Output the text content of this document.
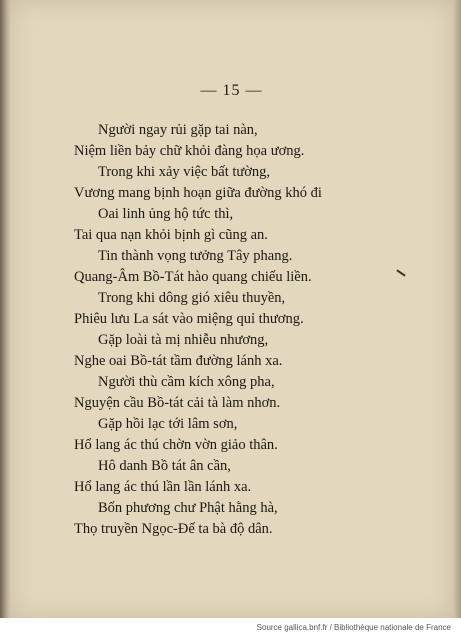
— 15 —
Người ngay rủi gặp tai nàn,
Niệm liền bảy chữ khỏi đàng họa ương.
Trong khi xảy việc bất tường,
Vương mang bịnh hoạn giữa đường khó đi
Oai linh ủng hộ tức thì,
Tai qua nạn khỏi bịnh gì cũng an.
Tin thành vọng tưởng Tây phang.
Quang-Âm Bồ-Tát hào quang chiếu liền.
Trong khi dông gió xiêu thuyền,
Phiêu lưu La sát vào miệng quỉ thương.
Gặp loài tà mị nhiễu nhương,
Nghe oai Bồ-tát tầm đường lánh xa.
Người thù cầm kích xông pha,
Nguyện cầu Bồ-tát cải tà làm nhơn.
Gặp hồi lạc tới lâm sơn,
Hổ lang ác thú chờn vờn giảo thân.
Hô danh Bồ tát ân cần,
Hổ lang ác thú lần lần lánh xa.
Bốn phương chư Phật hằng hà,
Thọ truyền Ngọc-Đế ta bà độ dân.
Source gallica.bnf.fr / Bibliothèque nationale de France
